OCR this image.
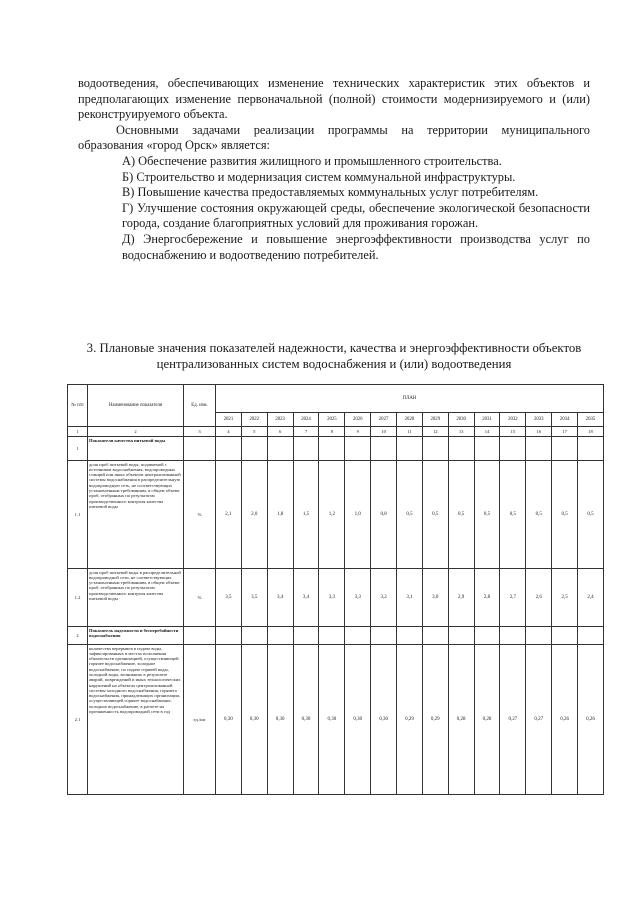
водоотведения, обеспечивающих изменение технических характеристик этих объектов и предполагающих изменение первоначальной (полной) стоимости модернизируемого и (или) реконструируемого объекта.

Основными задачами реализации программы на территории муниципального образования «город Орск» является:

А) Обеспечение развития жилищного и промышленного строительства.

Б) Строительство и модернизация систем коммунальной инфраструктуры.

В) Повышение качества предоставляемых коммунальных услуг потребителям.

Г) Улучшение состояния окружающей среды, обеспечение экологической безопасности города, создание благоприятных условий для проживания горожан.

Д) Энергосбережение и повышение энергоэффективности производства услуг по водоснабжению и водоотведению потребителей.

3. Плановые значения показателей надежности, качества и энергоэффективности объектов централизованных систем водоснабжения и (или) водоотведения

№ п/п	Наименование показателя	Ед. изм.	ПЛАН														
			2021	2022	2023	2024	2025	2026	2027	2028	2029	2030	2031	2032	2033	2034	2035
1	2	3	4	5	6	7	8	9	10	11	12	13	14	15	16	17	18
1	Показатели качества питьевой воды																
1.1	доля проб питьевой воды, подаваемой с источников водоснабжения, водопроводных станций или иных объектов централизованной системы водоснабжения в распределительную водопроводную сеть, не соответствующих установленным требованиям, в общем объеме проб, отобранных по результатам производственного контроля качества питьевой воды	%	2,1	2,0	1,8	1,5	1,2	1,0	0,8	0,5	0,5	0,5	0,5	0,5	0,5	0,5	0,5
1.2	доля проб питьевой воды в распределительной водопроводной сети, не соответствующих установленным требованиям, в общем объеме проб, отобранных по результатам производственного контроля качества питьевой воды	%	3,5	3,5	3,4	3,4	3,3	3,3	3,2	3,1	3,0	2,9	2,8	2,7	2,6	2,5	2,4
2	Показатель надежности и бесперебойности водоснабжения																
2.1	количества перерывов в подаче воды, зафиксированных в местах исполнения обязательств организацией, осуществляющей горячее водоснабжение, холодное водоснабжение, по подаче горячей воды, холодной воды, возникших в результате аварий, повреждений и иных технологических нарушений на объектах централизованной системы холодного водоснабжения, горячего водоснабжения, принадлежащих организации, осуществляющей горячее водоснабжение, холодное водоснабжение, в расчете на протяженность водопроводной сети в год	ед./км	0,30	0,30	0,30	0,30	0,30	0,30	0,30	0,29	0,29	0,28	0,28	0,27	0,27	0,26	0,26
